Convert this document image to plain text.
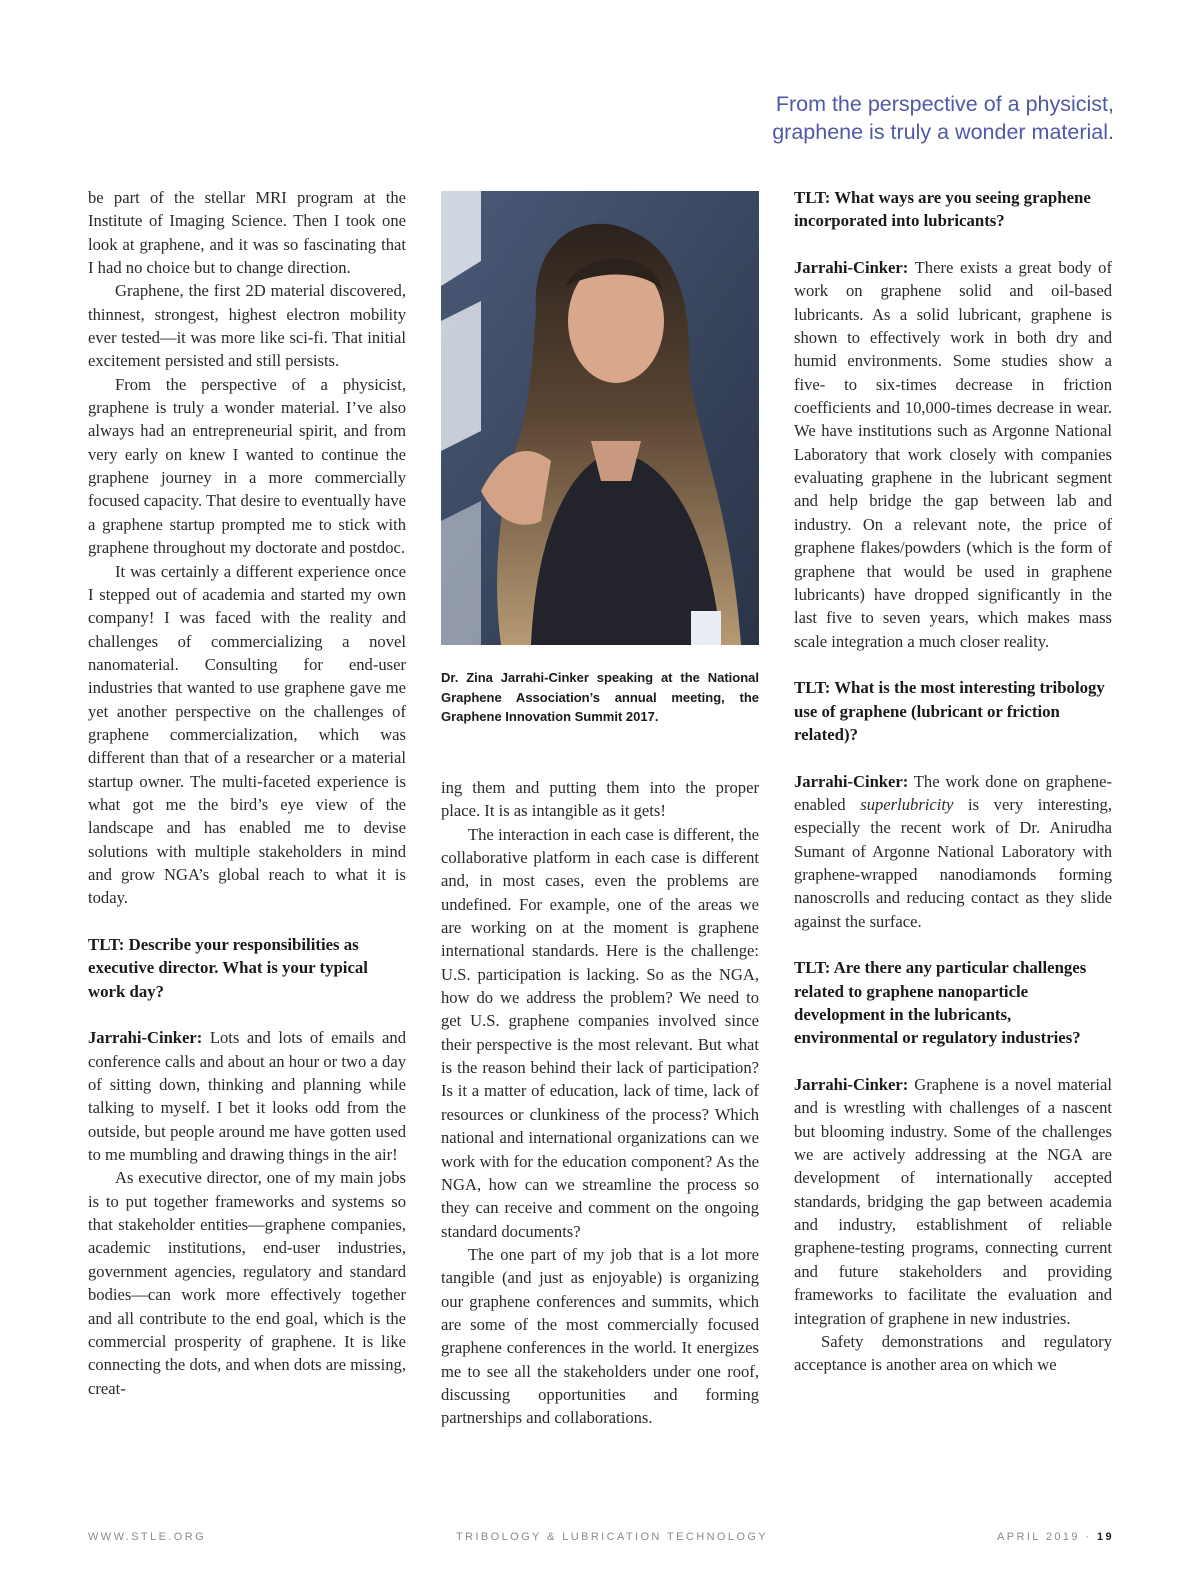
From the perspective of a physicist,
graphene is truly a wonder material.

be part of the stellar MRI program at the Institute of Imaging Science. Then I took one look at graphene, and it was so fascinating that I had no choice but to change direction.

Graphene, the first 2D material discovered, thinnest, strongest, highest electron mobility ever tested—it was more like sci-fi. That initial excitement persisted and still persists.

From the perspective of a physicist, graphene is truly a wonder material. I’ve also always had an entrepreneurial spirit, and from very early on knew I wanted to continue the graphene journey in a more commercially focused capacity. That desire to eventually have a graphene startup prompted me to stick with graphene throughout my doctorate and postdoc.

It was certainly a different experience once I stepped out of academia and started my own company! I was faced with the reality and challenges of commercializing a novel nanomaterial. Consulting for end-user industries that wanted to use graphene gave me yet another perspective on the challenges of graphene commercialization, which was different than that of a researcher or a material startup owner. The multi-faceted experience is what got me the bird’s eye view of the landscape and has enabled me to devise solutions with multiple stakeholders in mind and grow NGA’s global reach to what it is today.

TLT: Describe your responsibilities as executive director. What is your typical work day?

Jarrahi-Cinker: Lots and lots of emails and conference calls and about an hour or two a day of sitting down, thinking and planning while talking to myself. I bet it looks odd from the outside, but people around me have gotten used to me mumbling and drawing things in the air!

As executive director, one of my main jobs is to put together frameworks and systems so that stakeholder entities—graphene companies, academic institutions, end-user industries, government agencies, regulatory and standard bodies—can work more effectively together and all contribute to the end goal, which is the commercial prosperity of graphene. It is like connecting the dots, and when dots are missing, creat-

Dr. Zina Jarrahi-Cinker speaking at the National Graphene Association’s annual meeting, the Graphene Innovation Summit 2017.

ing them and putting them into the proper place. It is as intangible as it gets!

The interaction in each case is different, the collaborative platform in each case is different and, in most cases, even the problems are undefined. For example, one of the areas we are working on at the moment is graphene international standards. Here is the challenge: U.S. participation is lacking. So as the NGA, how do we address the problem? We need to get U.S. graphene companies involved since their perspective is the most relevant. But what is the reason behind their lack of participation? Is it a matter of education, lack of time, lack of resources or clunkiness of the process? Which national and international organizations can we work with for the education component? As the NGA, how can we streamline the process so they can receive and comment on the ongoing standard documents?

The one part of my job that is a lot more tangible (and just as enjoyable) is organizing our graphene conferences and summits, which are some of the most commercially focused graphene conferences in the world. It energizes me to see all the stakeholders under one roof, discussing opportunities and forming partnerships and collaborations.

TLT: What ways are you seeing graphene incorporated into lubricants?

Jarrahi-Cinker: There exists a great body of work on graphene solid and oil-based lubricants. As a solid lubricant, graphene is shown to effectively work in both dry and humid environments. Some studies show a five- to six-times decrease in friction coefficients and 10,000-times decrease in wear. We have institutions such as Argonne National Laboratory that work closely with companies evaluating graphene in the lubricant segment and help bridge the gap between lab and industry. On a relevant note, the price of graphene flakes/powders (which is the form of graphene that would be used in graphene lubricants) have dropped significantly in the last five to seven years, which makes mass scale integration a much closer reality.

TLT: What is the most interesting tribology use of graphene (lubricant or friction related)?

Jarrahi-Cinker: The work done on graphene-enabled superlubricity is very interesting, especially the recent work of Dr. Anirudha Sumant of Argonne National Laboratory with graphene-wrapped nanodiamonds forming nanoscrolls and reducing contact as they slide against the surface.

TLT: Are there any particular challenges related to graphene nanoparticle development in the lubricants, environmental or regulatory industries?

Jarrahi-Cinker: Graphene is a novel material and is wrestling with challenges of a nascent but blooming industry. Some of the challenges we are actively addressing at the NGA are development of internationally accepted standards, bridging the gap between academia and industry, establishment of reliable graphene-testing programs, connecting current and future stakeholders and providing frameworks to facilitate the evaluation and integration of graphene in new industries.

Safety demonstrations and regulatory acceptance is another area on which we

WWW.STLE.ORG	TRIBOLOGY & LUBRICATION TECHNOLOGY	APRIL 2019 · 19
